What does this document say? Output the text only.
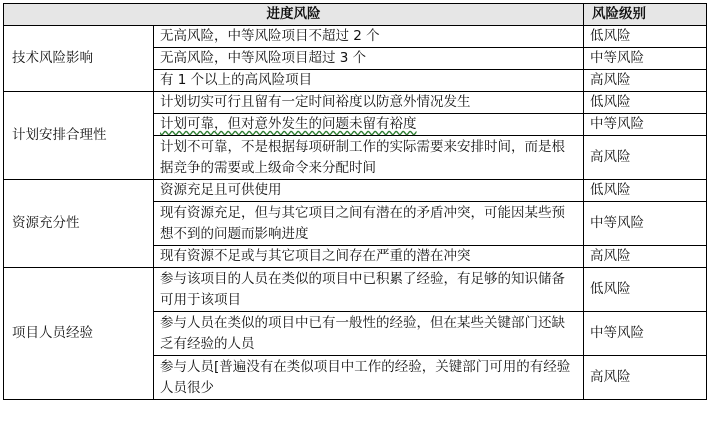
进度风险		风险级别
技术风险影响	无高风险，中等风险项目不超过 2 个	低风险
	无高风险，中等风险项目超过 3 个	中等风险
	有 1 个以上的高风险项目	高风险
计划安排合理性	计划切实可行且留有一定时间裕度以防意外情况发生	低风险
	计划可靠，但对意外发生的问题未留有裕度	中等风险
	计划不可靠，不是根据每项研制工作的实际需要来安排时间，而是根据竞争的需要或上级命令来分配时间	高风险
资源充分性	资源充足且可供使用	低风险
	现有资源充足，但与其它项目之间有潜在的矛盾冲突，可能因某些预想不到的问题而影响进度	中等风险
	现有资源不足或与其它项目之间存在严重的潜在冲突	高风险
项目人员经验	参与该项目的人员在类似的项目中已积累了经验，有足够的知识储备可用于该项目	低风险
	参与人员在类似的项目中已有一般性的经验，但在某些关键部门还缺乏有经验的人员	中等风险
	参与人员[普遍没有在类似项目中工作的经验，关键部门可用的有经验人员很少	高风险
